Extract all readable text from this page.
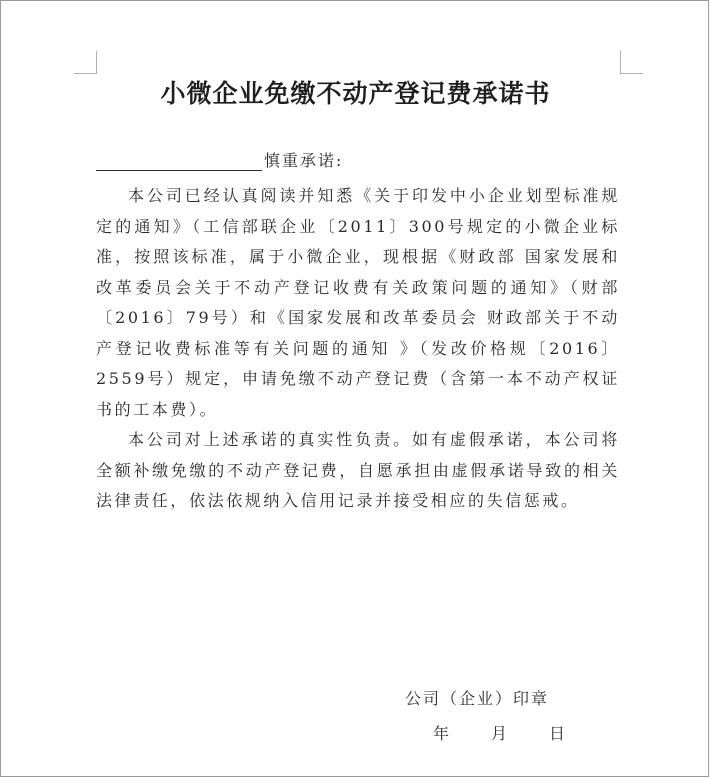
小微企业免缴不动产登记费承诺书
慎重承诺:

本公司已经认真阅读并知悉《关于印发中小企业划型标准规定的通知》（工信部联企业〔2011〕300号规定的小微企业标准，按照该标准，属于小微企业，现根据《财政部 国家发展和改革委员会关于不动产登记收费有关政策问题的通知》（财部〔2016〕79号）和《国家发展和改革委员会 财政部关于不动产登记收费标准等有关问题的通知 》（发改价格规〔2016〕2559号）规定，申请免缴不动产登记费（含第一本不动产权证书的工本费）。

本公司对上述承诺的真实性负责。如有虚假承诺，本公司将全额补缴免缴的不动产登记费，自愿承担由虚假承诺导致的相关法律责任，依法依规纳入信用记录并接受相应的失信惩戒。

公司（企业）印章
年	月	日
